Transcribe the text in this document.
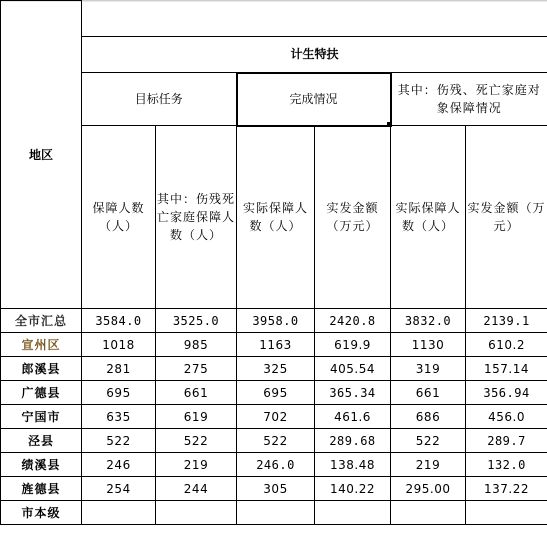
地区						
	计生特扶					
	目标任务		完成情况		其中：伤残、死亡家庭对象保障情况

	保障人数（人）	其中：伤残死亡家庭保障人数（人）	实际保障人数（人）	实发金额（万元）	实际保障人数（人）	实发金额（万元）
全市汇总	3584.0	3525.0	3958.0	2420.8	3832.0	2139.1
宣州区	1018	985	1163	619.9	1130	610.2
郎溪县	281	275	325	405.54	319	157.14
广德县	695	661	695	365.34	661	356.94
宁国市	635	619	702	461.6	686	456.0
泾县	522	522	522	289.68	522	289.7
绩溪县	246	219	246.0	138.48	219	132.0
旌德县	254	244	305	140.22	295.00	137.22
市本级						
